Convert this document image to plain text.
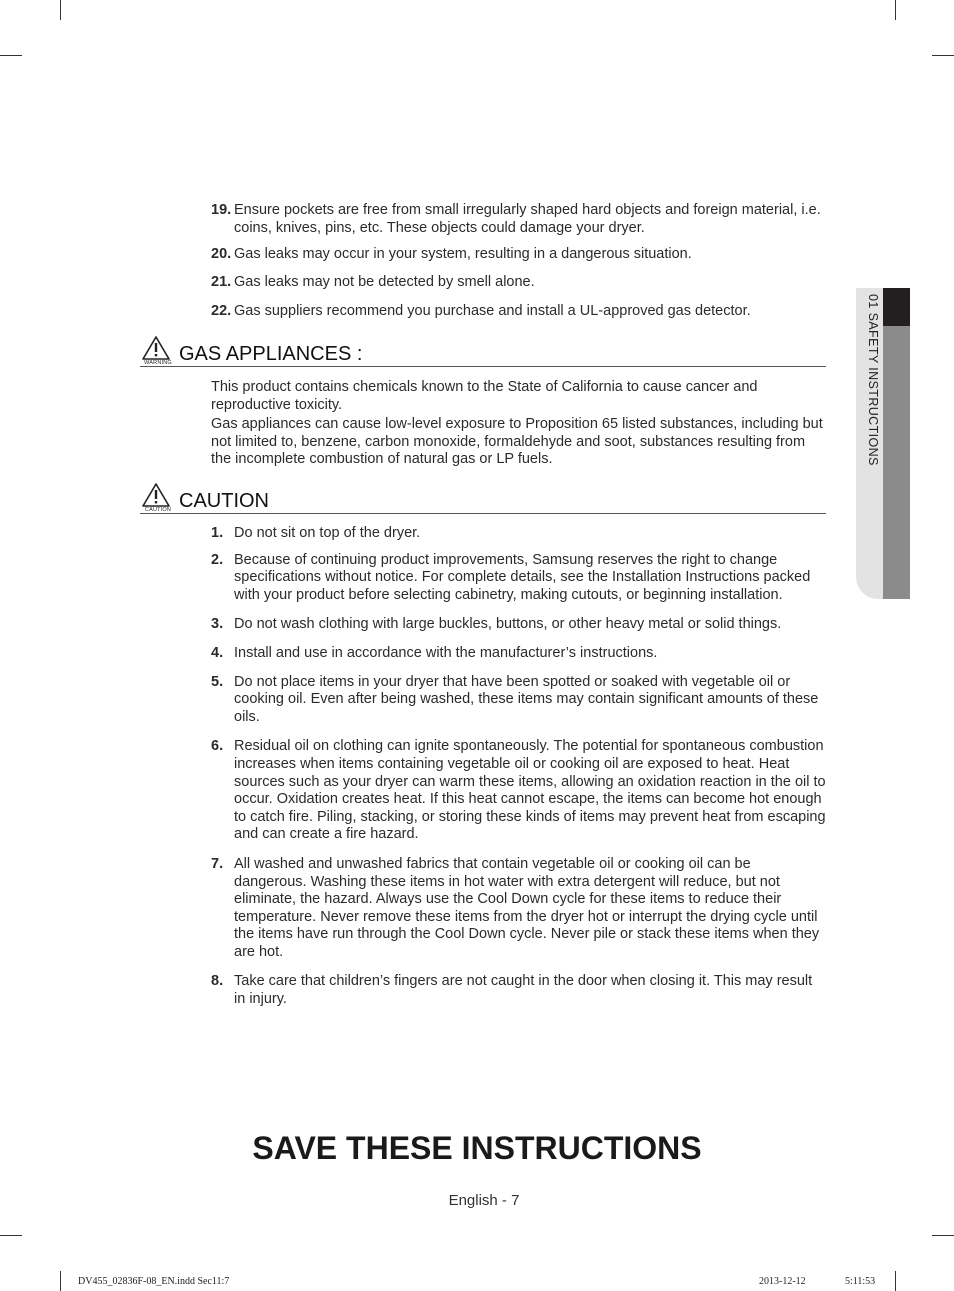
19. Ensure pockets are free from small irregularly shaped hard objects and foreign material, i.e. coins, knives, pins, etc. These objects could damage your dryer.
20. Gas leaks may occur in your system, resulting in a dangerous situation.
21. Gas leaks may not be detected by smell alone.
22. Gas suppliers recommend you purchase and install a UL-approved gas detector.
WARNING GAS APPLIANCES :

This product contains chemicals known to the State of California to cause cancer and reproductive toxicity.

Gas appliances can cause low-level exposure to Proposition 65 listed substances, including but not limited to, benzene, carbon monoxide, formaldehyde and soot, substances resulting from the incomplete combustion of natural gas or LP fuels.

CAUTION CAUTION
1. Do not sit on top of the dryer.
2. Because of continuing product improvements, Samsung reserves the right to change specifications without notice. For complete details, see the Installation Instructions packed with your product before selecting cabinetry, making cutouts, or beginning installation.
3. Do not wash clothing with large buckles, buttons, or other heavy metal or solid things.
4. Install and use in accordance with the manufacturer’s instructions.
5. Do not place items in your dryer that have been spotted or soaked with vegetable oil or cooking oil. Even after being washed, these items may contain significant amounts of these oils.
6. Residual oil on clothing can ignite spontaneously. The potential for spontaneous combustion increases when items containing vegetable oil or cooking oil are exposed to heat. Heat sources such as your dryer can warm these items, allowing an oxidation reaction in the oil to occur. Oxidation creates heat. If this heat cannot escape, the items can become hot enough to catch fire. Piling, stacking, or storing these kinds of items may prevent heat from escaping and can create a fire hazard.
7. All washed and unwashed fabrics that contain vegetable oil or cooking oil can be dangerous. Washing these items in hot water with extra detergent will reduce, but not eliminate, the hazard. Always use the Cool Down cycle for these items to reduce their temperature. Never remove these items from the dryer hot or interrupt the drying cycle until the items have run through the Cool Down cycle. Never pile or stack these items when they are hot.
8. Take care that children’s fingers are not caught in the door when closing it. This may result in injury.
01 SAFETY INSTRUCTIONS
SAVE THESE INSTRUCTIONS
English - 7
DV455_02836F-08_EN.indd Sec11:7	2013-12-12	5:11:53
